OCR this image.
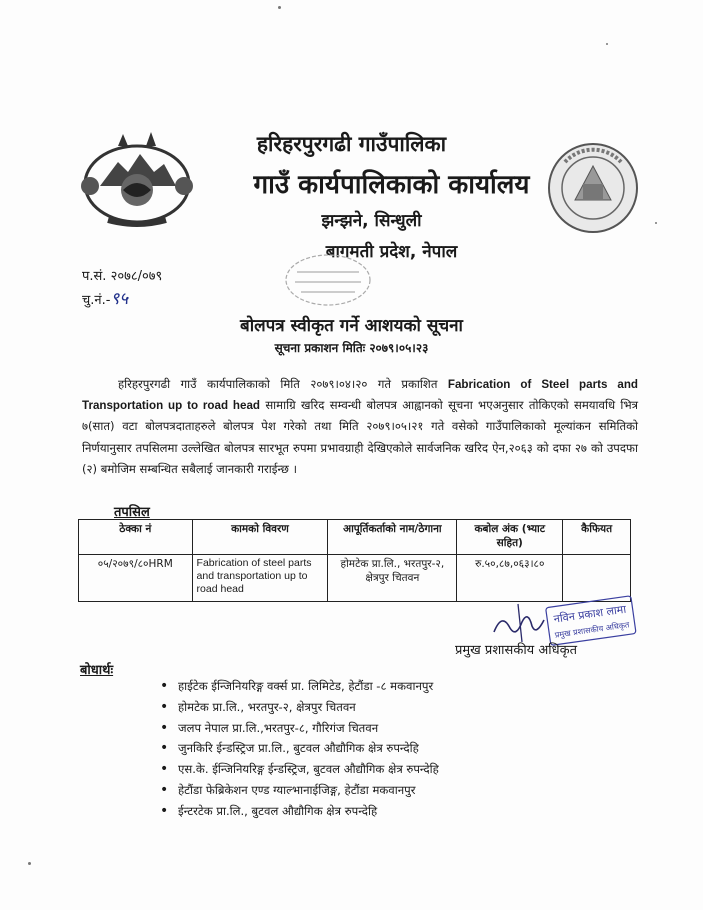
हरिहरपुरगढी गाउँपालिका
गाउँ कार्यपालिकाको कार्यालय
झन्झने, सिन्धुली
बागमती प्रदेश, नेपाल
प.सं. २०७८/०७९
चु.नं.-९५
बोलपत्र स्वीकृत गर्ने आशयको सूचना
सूचना प्रकाशन मितिः २०७९।०५।२३
हरिहरपुरगढी गाउँ कार्यपालिकाको मिति २०७९।०४।२० गते प्रकाशित Fabrication of Steel parts and Transportation up to road head सामाग्रि खरिद सम्वन्धी बोलपत्र आह्वानको सूचना भएअनुसार तोकिएको समयावधि भित्र ७(सात) वटा बोलपत्रदाताहरुले बोलपत्र पेश गरेको तथा मिति २०७९।०५।२१ गते वसेको गाउँपालिकाको मूल्यांकन समितिको निर्णयानुसार तपसिलमा उल्लेखित बोलपत्र सारभूत रुपमा प्रभावग्राही देखिएकोले सार्वजनिक खरिद ऐन,२०६३ को दफा २७ को उपदफा (२) बमोजिम सम्बन्धित सबैलाई जानकारी गराईन्छ ।
तपसिल
ठेक्का नं	कामको विवरण	आपूर्तिकर्ताको नाम/ठेगाना	कबोल अंक (भ्याट सहित)	कैफियत
०५/२०७९/८०HRM	Fabrication of steel parts and transportation up to road head	होमटेक प्रा.लि., भरतपुर-२, क्षेत्रपुर चितवन	रु.५०,८७,०६३।८०	
नविन प्रकाश लामा
प्रमुख प्रशासकीय अधिकृत
प्रमुख प्रशासकीय अधिकृत
बोधार्थः
• हाईटेक ईन्जिनियरिङ्ग वर्क्स प्रा. लिमिटेड, हेटौंडा -८ मकवानपुर
• होमटेक प्रा.लि., भरतपुर-२, क्षेत्रपुर चितवन
• जलप नेपाल प्रा.लि.,भरतपुर-८, गौरिगंज चितवन
• जुनकिरि ईन्डस्ट्रिज प्रा.लि., बुटवल औद्यौगिक क्षेत्र रुपन्देहि
• एस.के. ईन्जिनियरिङ्ग ईन्डस्ट्रिज, बुटवल औद्यौगिक क्षेत्र रुपन्देहि
• हेटौंडा फेब्रिकेशन एण्ड ग्याल्भानाईजिङ्ग, हेटौंडा मकवानपुर
• ईन्टरटेक प्रा.लि., बुटवल औद्यौगिक क्षेत्र रुपन्देहि
